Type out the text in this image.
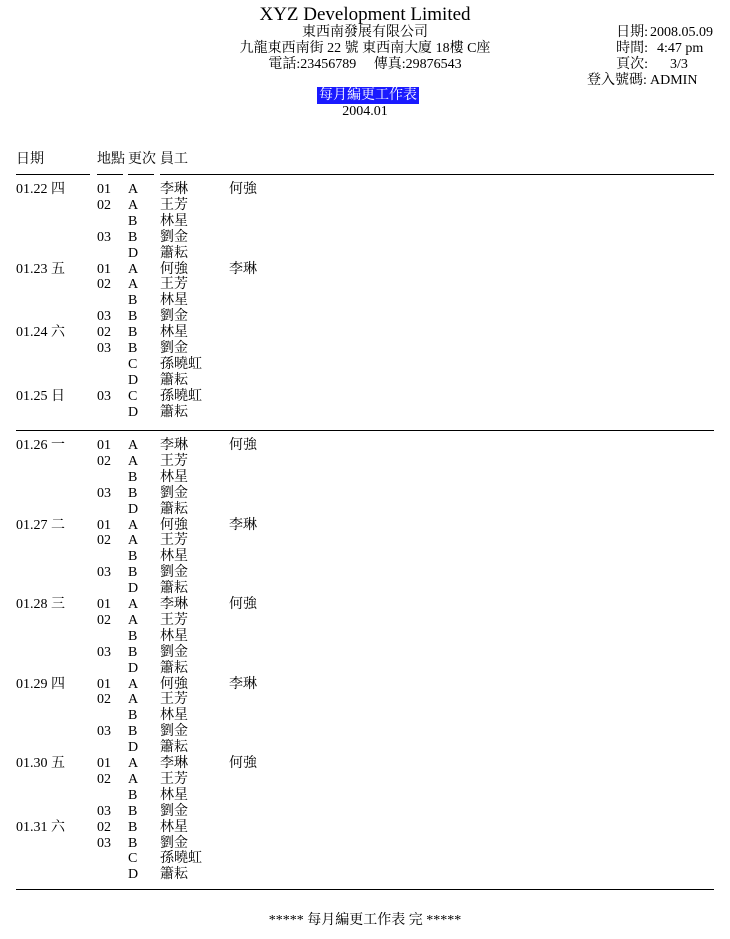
XYZ Development Limited
東西南發展有限公司
九龍東西南街 22 號 東西南大廈 18樓 C座
電話:23456789　 傳真:29876543
日期: 2008.05.09
時間: 4:47 pm
頁次: 3/3
登入號碼: ADMIN
每月編更工作表
2004.01
日期	地點 更次 員工
01.22 四 01 A 李琳	何強
02 A 王芳
B 林星
03 B 劉金
D 簫耘
01.23 五 01 A 何強	李琳
02 A 王芳
B 林星
03 B 劉金
01.24 六 02 B 林星
03 B 劉金
C 孫曉虹
D 簫耘
01.25 日 03 C 孫曉虹
D 簫耘
01.26 一 01 A 李琳	何強
02 A 王芳
B 林星
03 B 劉金
D 簫耘
01.27 二 01 A 何強	李琳
02 A 王芳
B 林星
03 B 劉金
D 簫耘
01.28 三 01 A 李琳	何強
02 A 王芳
B 林星
03 B 劉金
D 簫耘
01.29 四 01 A 何強	李琳
02 A 王芳
B 林星
03 B 劉金
D 簫耘
01.30 五 01 A 李琳	何強
02 A 王芳
B 林星
03 B 劉金
01.31 六 02 B 林星
03 B 劉金
C 孫曉虹
D 簫耘
***** 每月編更工作表 完 *****
